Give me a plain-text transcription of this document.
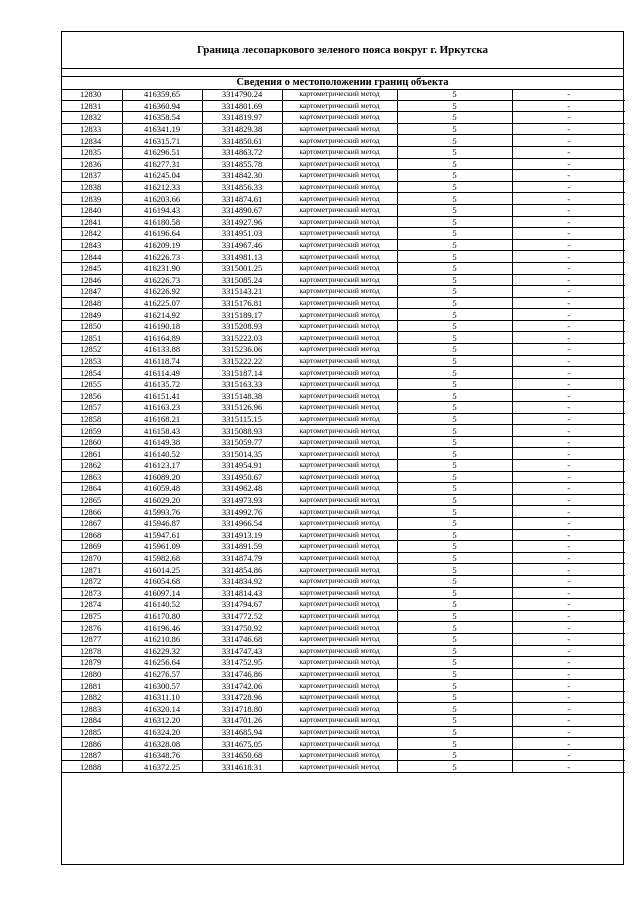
Граница лесопаркового зеленого пояса вокруг г. Иркутска
Сведения о местоположении границ объекта
12830	416359.65	3314790.24	картометрический метод	5	-
12831	416360.94	3314801.69	картометрический метод	5	-
12832	416358.54	3314819.97	картометрический метод	5	-
12833	416341.19	3314829.38	картометрический метод	5	-
12834	416315.71	3314850.61	картометрический метод	5	-
12835	416296.51	3314863.72	картометрический метод	5	-
12836	416277.31	3314855.78	картометрический метод	5	-
12837	416245.04	3314842.30	картометрический метод	5	-
12838	416212.33	3314856.33	картометрический метод	5	-
12839	416203.66	3314874.61	картометрический метод	5	-
12840	416194.43	3314890.67	картометрический метод	5	-
12841	416180.58	3314927.96	картометрический метод	5	-
12842	416196.64	3314951.03	картометрический метод	5	-
12843	416209.19	3314967.46	картометрический метод	5	-
12844	416226.73	3314981.13	картометрический метод	5	-
12845	416231.90	3315001.25	картометрический метод	5	-
12846	416226.73	3315085.24	картометрический метод	5	-
12847	416226.92	3315143.21	картометрический метод	5	-
12848	416225.07	3315176.81	картометрический метод	5	-
12849	416214.92	3315189.17	картометрический метод	5	-
12850	416190.18	3315208.93	картометрический метод	5	-
12851	416164.89	3315222.03	картометрический метод	5	-
12852	416133.88	3315236.06	картометрический метод	5	-
12853	416118.74	3315222.22	картометрический метод	5	-
12854	416114.49	3315187.14	картометрический метод	5	-
12855	416135.72	3315163.33	картометрический метод	5	-
12856	416151.41	3315148.38	картометрический метод	5	-
12857	416163.23	3315126.96	картометрический метод	5	-
12858	416168.21	3315115.15	картометрический метод	5	-
12859	416158.43	3315088.93	картометрический метод	5	-
12860	416149.38	3315059.77	картометрический метод	5	-
12861	416140.52	3315014.35	картометрический метод	5	-
12862	416123.17	3314954.91	картометрический метод	5	-
12863	416089.20	3314950.67	картометрический метод	5	-
12864	416059.48	3314962.48	картометрический метод	5	-
12865	416029.20	3314973.93	картометрический метод	5	-
12866	415993.76	3314992.76	картометрический метод	5	-
12867	415946.87	3314966.54	картометрический метод	5	-
12868	415947.61	3314913.19	картометрический метод	5	-
12869	415961.09	3314891.59	картометрический метод	5	-
12870	415982.68	3314874.79	картометрический метод	5	-
12871	416014.25	3314854.86	картометрический метод	5	-
12872	416054.68	3314834.92	картометрический метод	5	-
12873	416097.14	3314814.43	картометрический метод	5	-
12874	416140.52	3314794.67	картометрический метод	5	-
12875	416170.80	3314772.52	картометрический метод	5	-
12876	416196.46	3314750.92	картометрический метод	5	-
12877	416210.86	3314746.68	картометрический метод	5	-
12878	416229.32	3314747.43	картометрический метод	5	-
12879	416256.64	3314752.95	картометрический метод	5	-
12880	416276.57	3314746.86	картометрический метод	5	-
12881	416300.57	3314742.06	картометрический метод	5	-
12882	416311.10	3314728.96	картометрический метод	5	-
12883	416320.14	3314718.80	картометрический метод	5	-
12884	416312.20	3314701.26	картометрический метод	5	-
12885	416324.20	3314685.94	картометрический метод	5	-
12886	416328.08	3314675.05	картометрический метод	5	-
12887	416348.76	3314650.68	картометрический метод	5	-
12888	416372.25	3314618.31	картометрический метод	5	-
